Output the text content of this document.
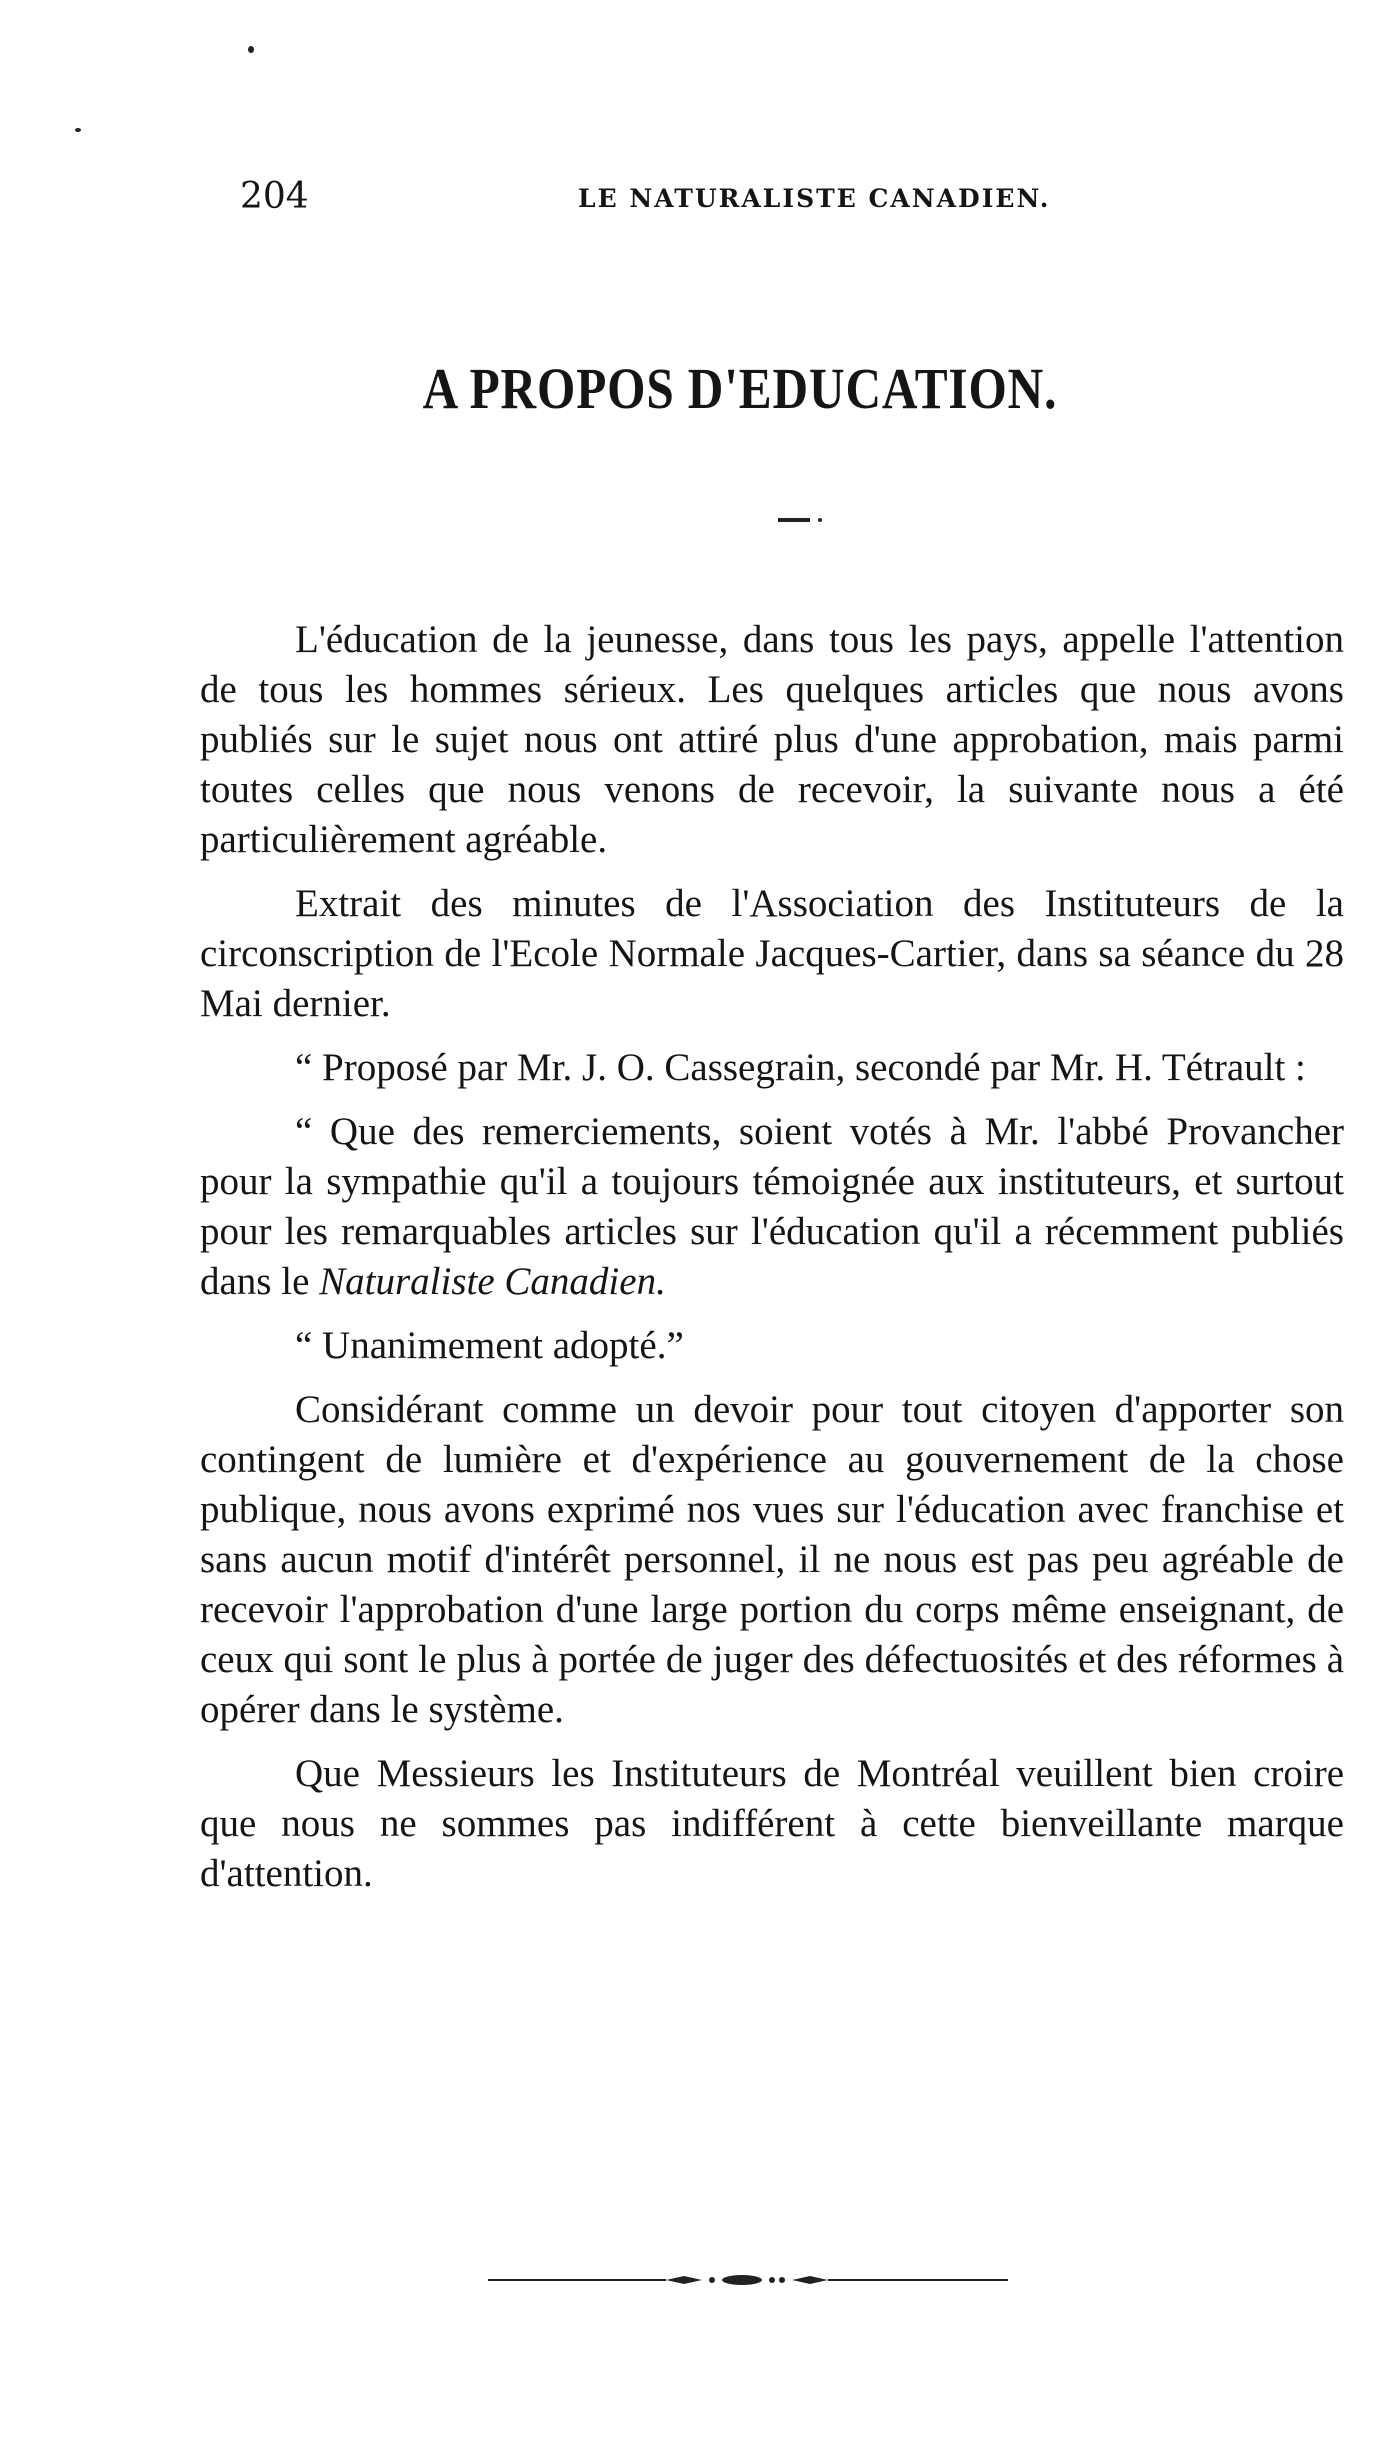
204	LE NATURALISTE CANADIEN.
A PROPOS D'EDUCATION.

L'éducation de la jeunesse, dans tous les pays, appelle l'attention de tous les hommes sérieux. Les quelques articles que nous avons publiés sur le sujet nous ont attiré plus d'une approbation, mais parmi toutes celles que nous venons de recevoir, la suivante nous a été particulièrement agréable.

Extrait des minutes de l'Association des Instituteurs de la circonscription de l'Ecole Normale Jacques-Cartier, dans sa séance du 28 Mai dernier.

“ Proposé par Mr. J. O. Cassegrain, secondé par Mr. H. Tétrault :

“ Que des remerciements, soient votés à Mr. l'abbé Provancher pour la sympathie qu'il a toujours témoignée aux instituteurs, et surtout pour les remarquables articles sur l'éducation qu'il a récemment publiés dans le Naturaliste Canadien.

“ Unanimement adopté.”

Considérant comme un devoir pour tout citoyen d'apporter son contingent de lumière et d'expérience au gouvernement de la chose publique, nous avons exprimé nos vues sur l'éducation avec franchise et sans aucun motif d'intérêt personnel, il ne nous est pas peu agréable de recevoir l'approbation d'une large portion du corps même enseignant, de ceux qui sont le plus à portée de juger des défectuosités et des réformes à opérer dans le système.

Que Messieurs les Instituteurs de Montréal veuillent bien croire que nous ne sommes pas indifférent à cette bienveillante marque d'attention.
